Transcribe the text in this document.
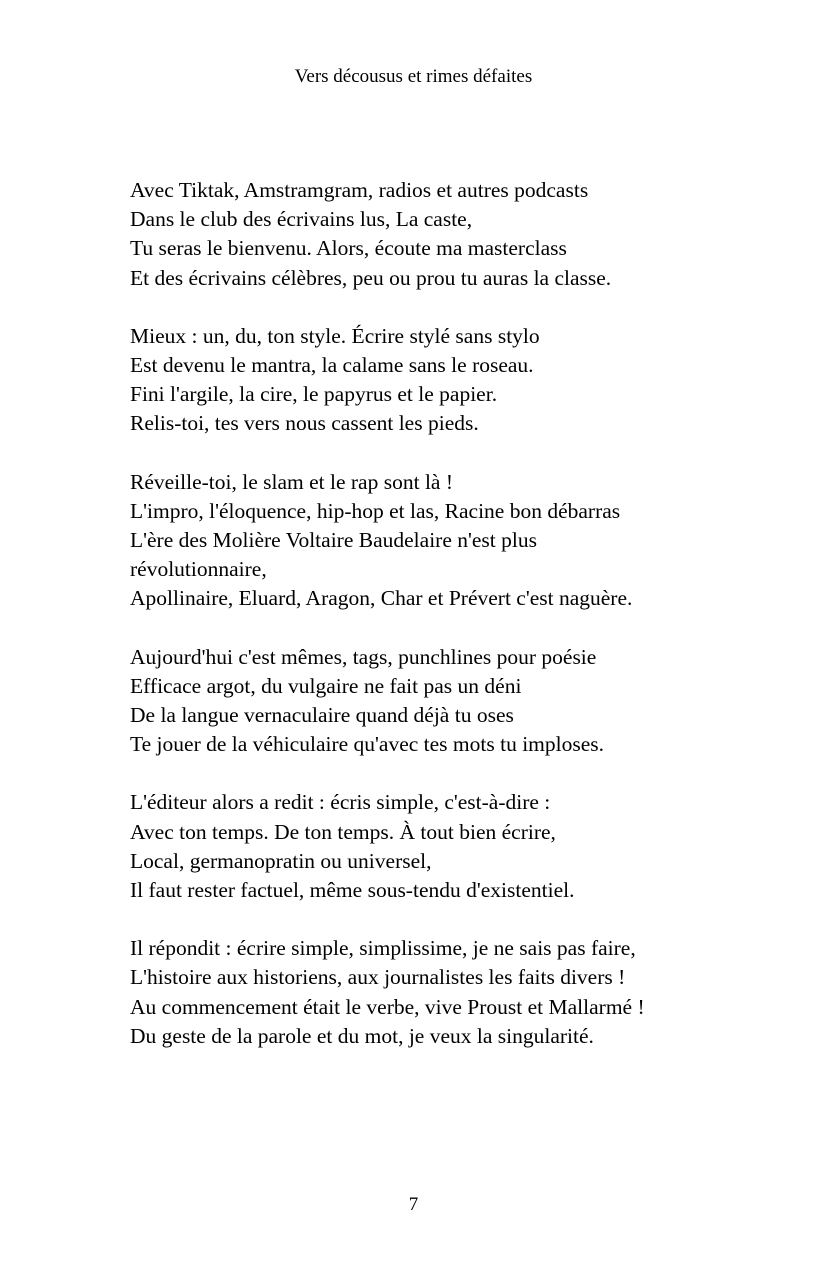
Vers décousus et rimes défaites
Avec Tiktak, Amstramgram, radios et autres podcasts
Dans le club des écrivains lus, La caste,
Tu seras le bienvenu. Alors, écoute ma masterclass
Et des écrivains célèbres, peu ou prou tu auras la classe.
Mieux : un, du, ton style. Écrire stylé sans stylo
Est devenu le mantra, la calame sans le roseau.
Fini l'argile, la cire, le papyrus et le papier.
Relis-toi, tes vers nous cassent les pieds.
Réveille-toi, le slam et le rap sont là !
L'impro, l'éloquence, hip-hop et las, Racine bon débarras
L'ère des Molière Voltaire Baudelaire n'est plus
révolutionnaire,
Apollinaire, Eluard, Aragon, Char et Prévert c'est naguère.
Aujourd'hui c'est mêmes, tags, punchlines pour poésie
Efficace argot, du vulgaire ne fait pas un déni
De la langue vernaculaire quand déjà tu oses
Te jouer de la véhiculaire qu'avec tes mots tu imploses.
L'éditeur alors a redit : écris simple, c'est-à-dire :
Avec ton temps. De ton temps. À tout bien écrire,
Local, germanopratin ou universel,
Il faut rester factuel, même sous-tendu d'existentiel.
Il répondit : écrire simple, simplissime, je ne sais pas faire,
L'histoire aux historiens, aux journalistes les faits divers !
Au commencement était le verbe, vive Proust et Mallarmé !
Du geste de la parole et du mot, je veux la singularité.
7
